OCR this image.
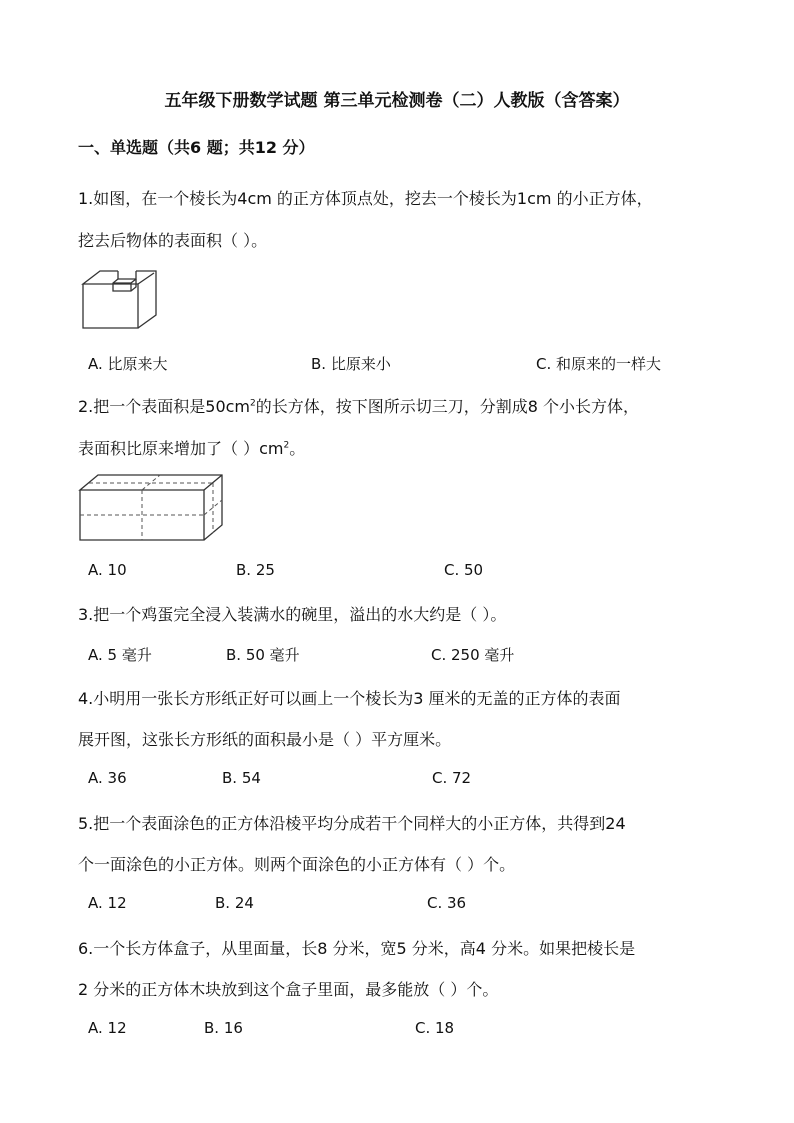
五年级下册数学试题 第三单元检测卷（二）人教版（含答案）
一、单选题（共6 题；共12 分）
1.如图，在一个棱长为4cm 的正方体顶点处，挖去一个棱长为1cm 的小正方体，
挖去后物体的表面积（ ）。
A. 比原来大	B. 比原来小	C. 和原来的一样大
2.把一个表面积是$50cm^2$的长方体，按下图所示切三刀，分割成8 个小长方体，
表面积比原来增加了（ ）$cm^2$。
A. 10	B. 25	C. 50
3.把一个鸡蛋完全浸入装满水的碗里，溢出的水大约是（ ）。
A. 5 毫升	B. 50 毫升	C. 250 毫升
4.小明用一张长方形纸正好可以画上一个棱长为3 厘米的无盖的正方体的表面
展开图，这张长方形纸的面积最小是（ ）平方厘米。
A. 36	B. 54	C. 72
5.把一个表面涂色的正方体沿棱平均分成若干个同样大的小正方体，共得到24
个一面涂色的小正方体。则两个面涂色的小正方体有（ ）个。
A. 12	B. 24	C. 36
6.一个长方体盒子，从里面量，长8 分米，宽5 分米，高4 分米。如果把棱长是
2 分米的正方体木块放到这个盒子里面，最多能放（ ）个。
A. 12	B. 16	C. 18
